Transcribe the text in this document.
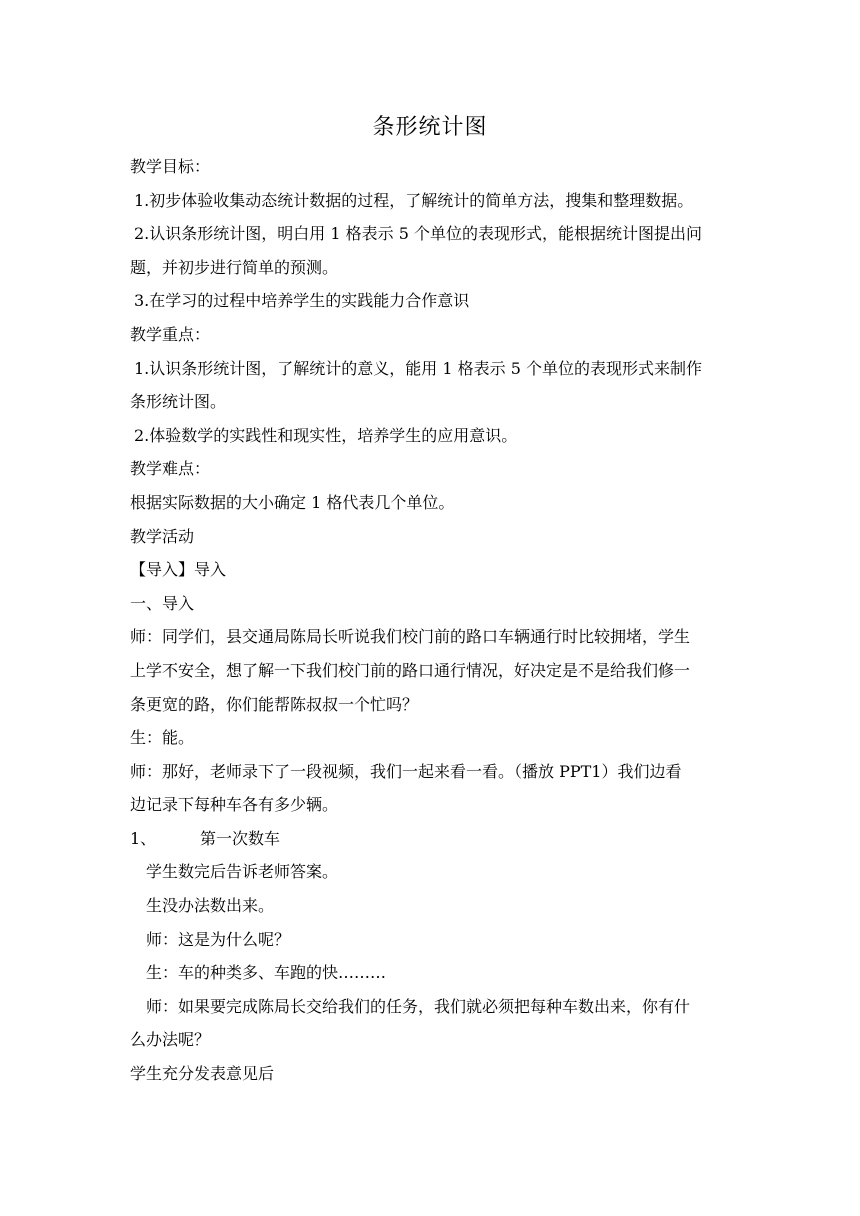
条形统计图
教学目标：
1.初步体验收集动态统计数据的过程，了解统计的简单方法，搜集和整理数据。
2.认识条形统计图，明白用 1 格表示 5 个单位的表现形式，能根据统计图提出问
题，并初步进行简单的预测。
3.在学习的过程中培养学生的实践能力合作意识
教学重点：
1.认识条形统计图，了解统计的意义，能用 1 格表示 5 个单位的表现形式来制作
条形统计图。
2.体验数学的实践性和现实性，培养学生的应用意识。
教学难点：
根据实际数据的大小确定 1 格代表几个单位。
教学活动
【导入】导入
一、导入
师：同学们，县交通局陈局长听说我们校门前的路口车辆通行时比较拥堵，学生
上学不安全，想了解一下我们校门前的路口通行情况，好决定是不是给我们修一
条更宽的路，你们能帮陈叔叔一个忙吗？
生：能。
师：那好，老师录下了一段视频，我们一起来看一看。（播放 PPT1）我们边看
边记录下每种车各有多少辆。
1、	第一次数车
学生数完后告诉老师答案。
生没办法数出来。
师：这是为什么呢？
生：车的种类多、车跑的快………
师：如果要完成陈局长交给我们的任务，我们就必须把每种车数出来，你有什
么办法呢？
学生充分发表意见后
